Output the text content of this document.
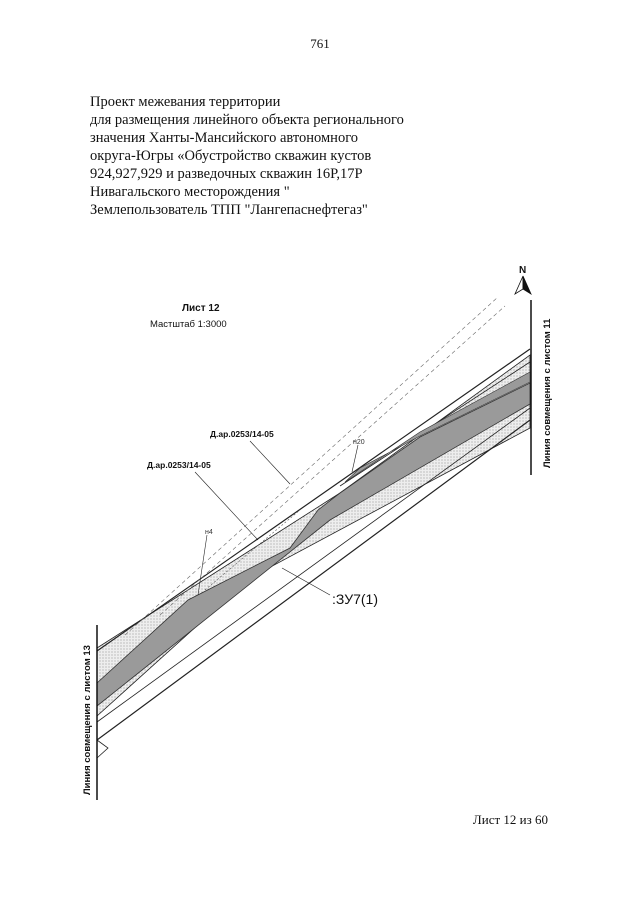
761
Проект межевания территории
для размещения линейного объекта регионального
значения Ханты-Мансийского автономного
округа-Югры «Обустройство скважин кустов
924,927,929 и разведочных скважин 16Р,17Р
Нивагальского месторождения "
Землепользователь ТПП "Лангепаснефтегаз"
N
Лист 12
Мастштаб 1:3000
Д.ар.0253/14-05
Д.ар.0253/14-05
н20
н4
:ЗУ7(1)
Линия совмещения с листом 11
Линия совмещения с листом 13
Лист 12 из 60
